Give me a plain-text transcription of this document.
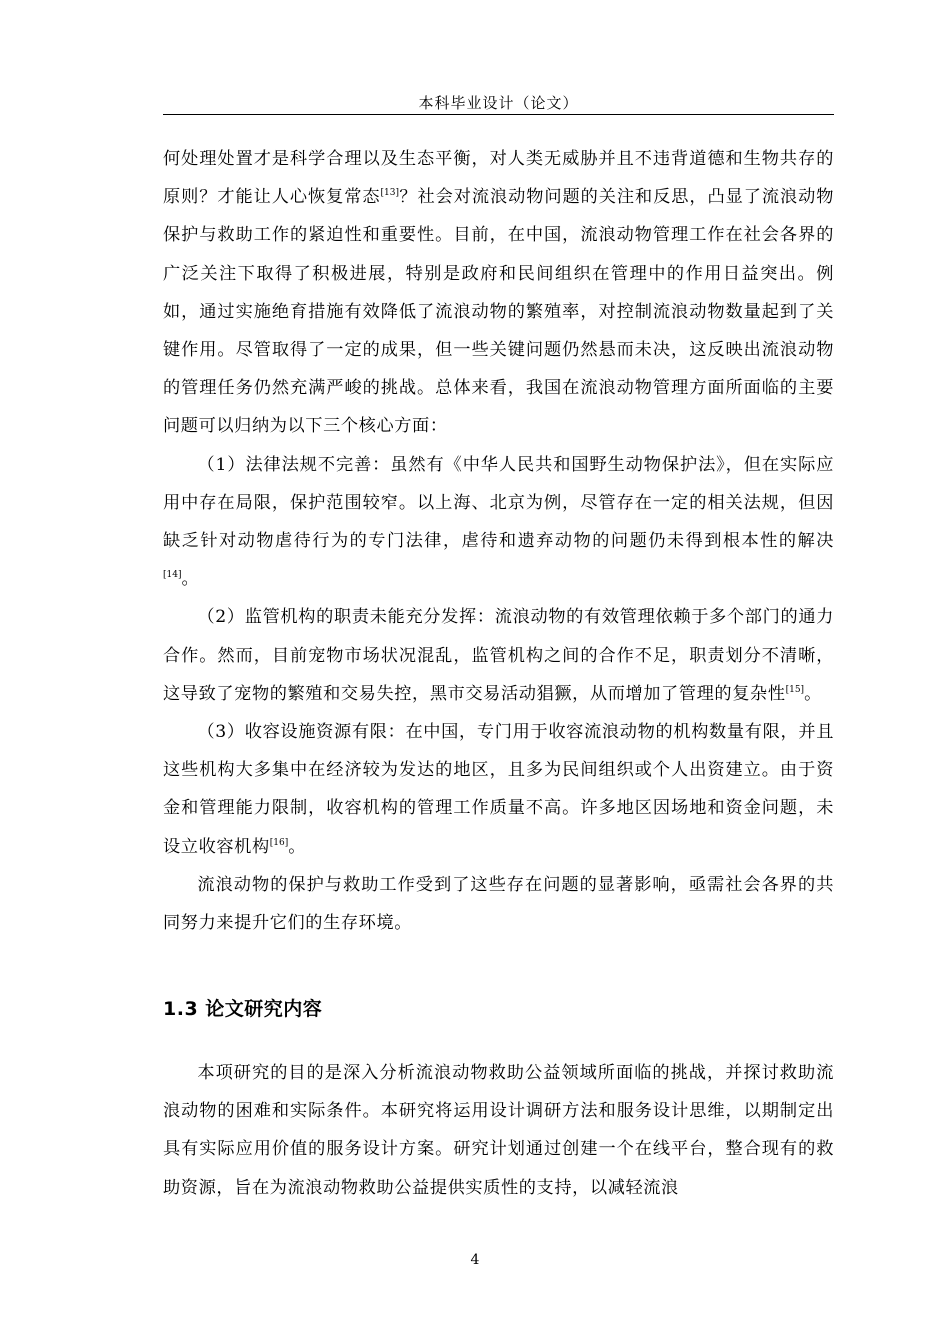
本科毕业设计（论文）

何处理处置才是科学合理以及生态平衡，对人类无威胁并且不违背道德和生物共存的原则？才能让人心恢复常态[13]？社会对流浪动物问题的关注和反思，凸显了流浪动物保护与救助工作的紧迫性和重要性。目前，在中国，流浪动物管理工作在社会各界的广泛关注下取得了积极进展，特别是政府和民间组织在管理中的作用日益突出。例如，通过实施绝育措施有效降低了流浪动物的繁殖率，对控制流浪动物数量起到了关键作用。尽管取得了一定的成果，但一些关键问题仍然悬而未决，这反映出流浪动物的管理任务仍然充满严峻的挑战。总体来看，我国在流浪动物管理方面所面临的主要问题可以归纳为以下三个核心方面：

（1）法律法规不完善：虽然有《中华人民共和国野生动物保护法》，但在实际应用中存在局限，保护范围较窄。以上海、北京为例，尽管存在一定的相关法规，但因缺乏针对动物虐待行为的专门法律，虐待和遗弃动物的问题仍未得到根本性的解决[14]。

（2）监管机构的职责未能充分发挥：流浪动物的有效管理依赖于多个部门的通力合作。然而，目前宠物市场状况混乱，监管机构之间的合作不足，职责划分不清晰，这导致了宠物的繁殖和交易失控，黑市交易活动猖獗，从而增加了管理的复杂性[15]。

（3）收容设施资源有限：在中国，专门用于收容流浪动物的机构数量有限，并且这些机构大多集中在经济较为发达的地区，且多为民间组织或个人出资建立。由于资金和管理能力限制，收容机构的管理工作质量不高。许多地区因场地和资金问题，未设立收容机构[16]。

流浪动物的保护与救助工作受到了这些存在问题的显著影响，亟需社会各界的共同努力来提升它们的生存环境。

1.3 论文研究内容

本项研究的目的是深入分析流浪动物救助公益领域所面临的挑战，并探讨救助流浪动物的困难和实际条件。本研究将运用设计调研方法和服务设计思维，以期制定出具有实际应用价值的服务设计方案。研究计划通过创建一个在线平台，整合现有的救助资源，旨在为流浪动物救助公益提供实质性的支持，以减轻流浪

4
